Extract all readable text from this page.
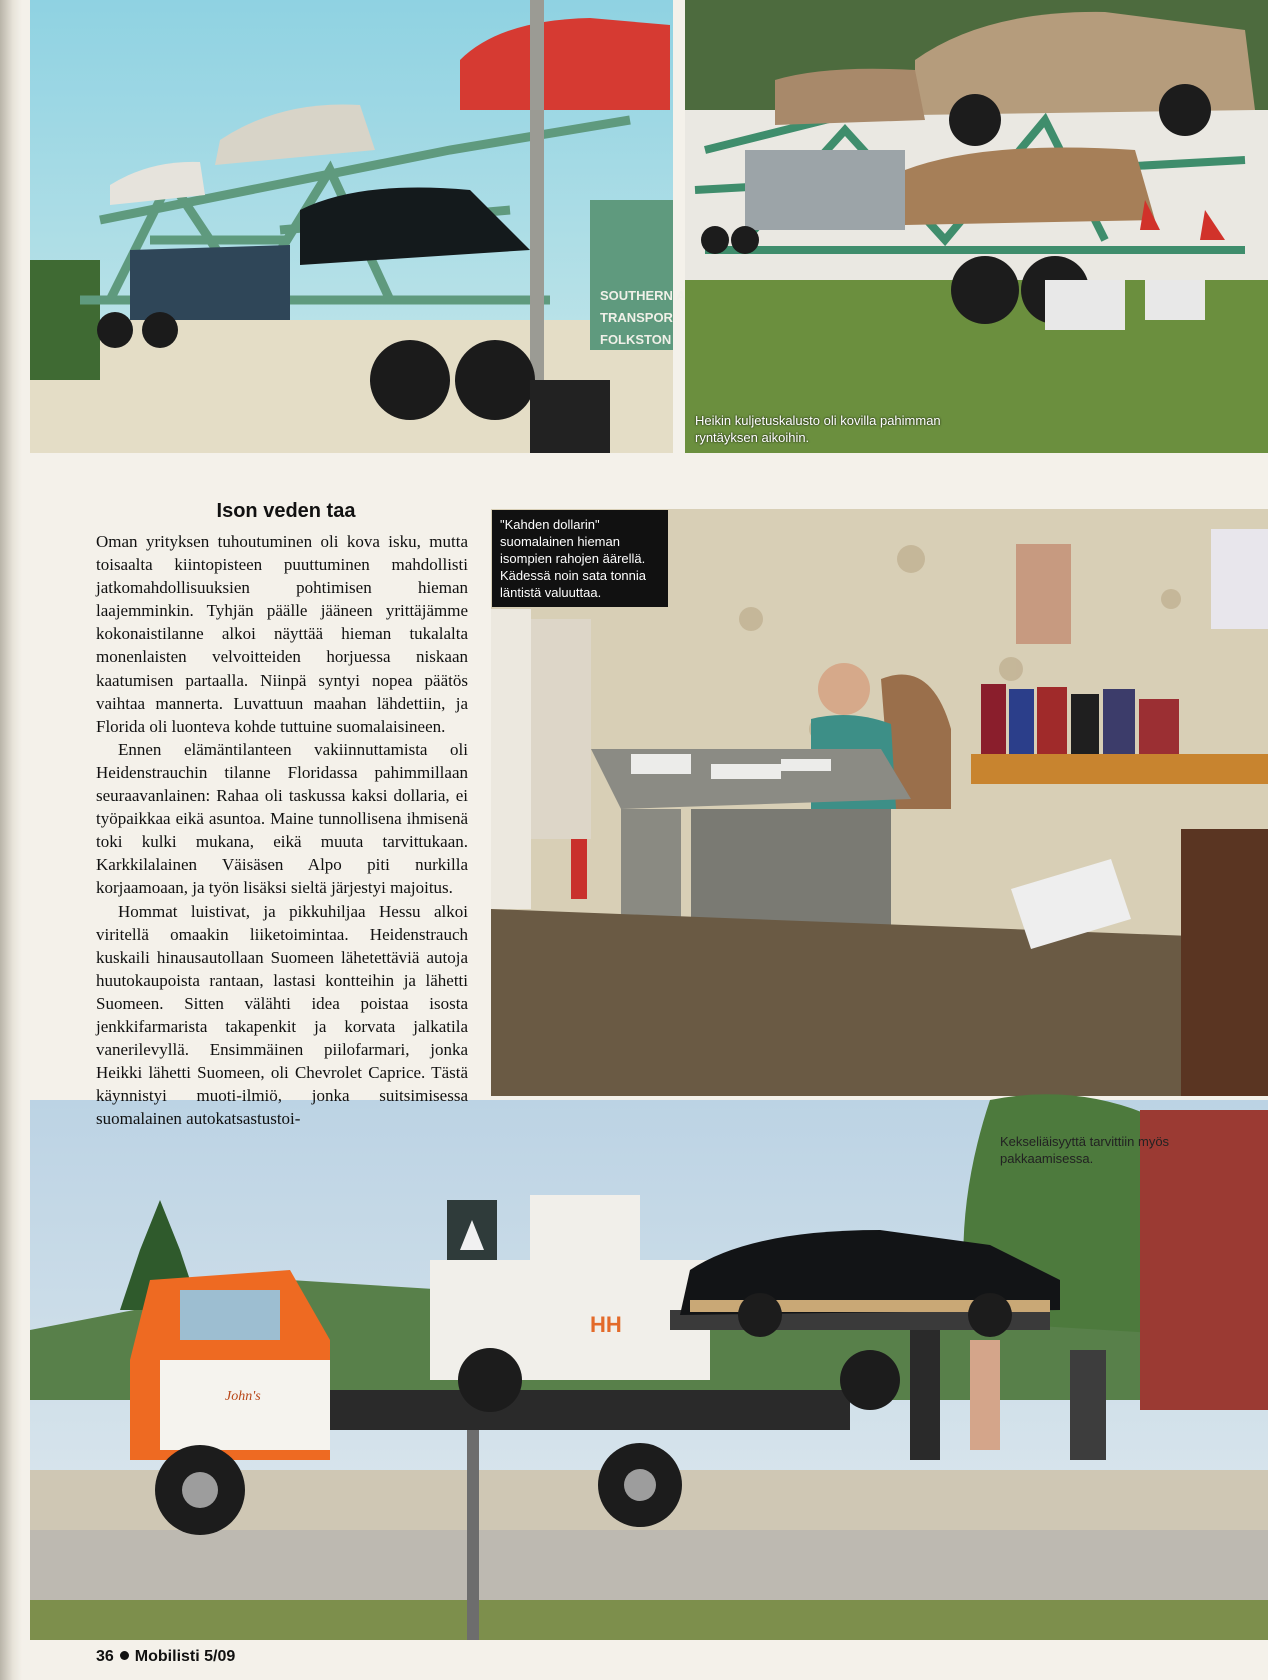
SOUTHERN A
TRANSPOR
FOLKSTON
Heikin kuljetuskalusto oli kovilla pahimman ryntäyksen aikoihin.
"Kahden dollarin" suomalainen hieman isompien rahojen äärellä. Kädessä noin sata tonnia läntistä valuuttaa.
John's
HH
Kekseliäisyyttä tarvittiin myös pakkaamisessa.
Ison veden taa

Oman yrityksen tuhoutuminen oli kova isku, mutta toisaalta kiintopisteen puuttuminen mahdollisti jatkomahdollisuuksien pohtimisen hieman laajemminkin. Tyhjän päälle jääneen yrittäjämme kokonaistilanne alkoi näyttää hieman tukalalta monenlaisten velvoitteiden horjuessa niskaan kaatumisen partaalla. Niinpä syntyi nopea päätös vaihtaa mannerta. Luvattuun maahan lähdettiin, ja Florida oli luonteva kohde tuttuine suomalaisineen.

Ennen elämäntilanteen vakiinnuttamista oli Heidenstrauchin tilanne Floridassa pahimmillaan seuraavanlainen: Rahaa oli taskussa kaksi dollaria, ei työpaikkaa eikä asuntoa. Maine tunnollisena ihmisenä toki kulki mukana, eikä muuta tarvittukaan. Karkkilalainen Väisäsen Alpo piti nurkilla korjaamoaan, ja työn lisäksi sieltä järjestyi majoitus.

Hommat luistivat, ja pikkuhiljaa Hessu alkoi viritellä omaakin liiketoimintaa. Heidenstrauch kuskaili hinausautollaan Suomeen lähetettäviä autoja huutokaupoista rantaan, lastasi kontteihin ja lähetti Suomeen. Sitten välähti idea poistaa isosta jenkkifarmarista takapenkit ja korvata jalkatila vanerilevyllä. Ensimmäinen piilofarmari, jonka Heikki lähetti Suomeen, oli Chevrolet Caprice. Tästä käynnistyi muoti-ilmiö, jonka suitsimisessa suomalainen autokatsastustoi-

36 Mobilisti 5/09
